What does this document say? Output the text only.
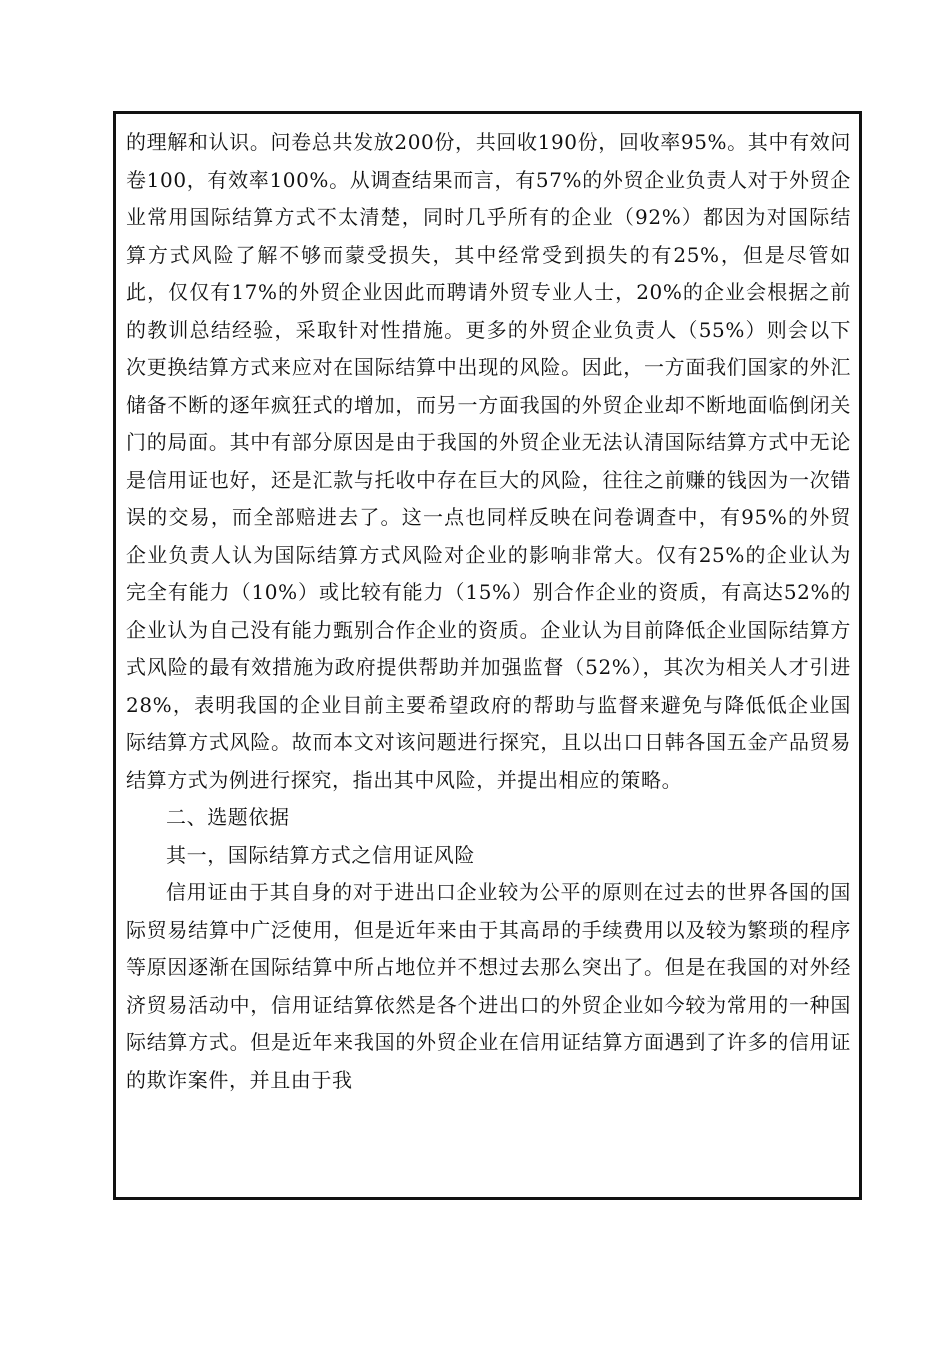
的理解和认识。问卷总共发放200份，共回收190份，回收率95%。其中有效问卷100，有效率100%。从调查结果而言，有57%的外贸企业负责人对于外贸企业常用国际结算方式不太清楚，同时几乎所有的企业（92%）都因为对国际结算方式风险了解不够而蒙受损失，其中经常受到损失的有25%，但是尽管如此，仅仅有17%的外贸企业因此而聘请外贸专业人士，20%的企业会根据之前的教训总结经验，采取针对性措施。更多的外贸企业负责人（55%）则会以下次更换结算方式来应对在国际结算中出现的风险。因此，一方面我们国家的外汇储备不断的逐年疯狂式的增加，而另一方面我国的外贸企业却不断地面临倒闭关门的局面。其中有部分原因是由于我国的外贸企业无法认清国际结算方式中无论是信用证也好，还是汇款与托收中存在巨大的风险，往往之前赚的钱因为一次错误的交易，而全部赔进去了。这一点也同样反映在问卷调查中，有95%的外贸企业负责人认为国际结算方式风险对企业的影响非常大。仅有25%的企业认为完全有能力（10%）或比较有能力（15%）别合作企业的资质，有高达52%的企业认为自己没有能力甄别合作企业的资质。企业认为目前降低企业国际结算方式风险的最有效措施为政府提供帮助并加强监督（52%），其次为相关人才引进28%，表明我国的企业目前主要希望政府的帮助与监督来避免与降低低企业国际结算方式风险。故而本文对该问题进行探究，且以出口日韩各国五金产品贸易结算方式为例进行探究，指出其中风险，并提出相应的策略。

二、选题依据

其一，国际结算方式之信用证风险

信用证由于其自身的对于进出口企业较为公平的原则在过去的世界各国的国际贸易结算中广泛使用，但是近年来由于其高昂的手续费用以及较为繁琐的程序等原因逐渐在国际结算中所占地位并不想过去那么突出了。但是在我国的对外经济贸易活动中，信用证结算依然是各个进出口的外贸企业如今较为常用的一种国际结算方式。但是近年来我国的外贸企业在信用证结算方面遇到了许多的信用证的欺诈案件，并且由于我
